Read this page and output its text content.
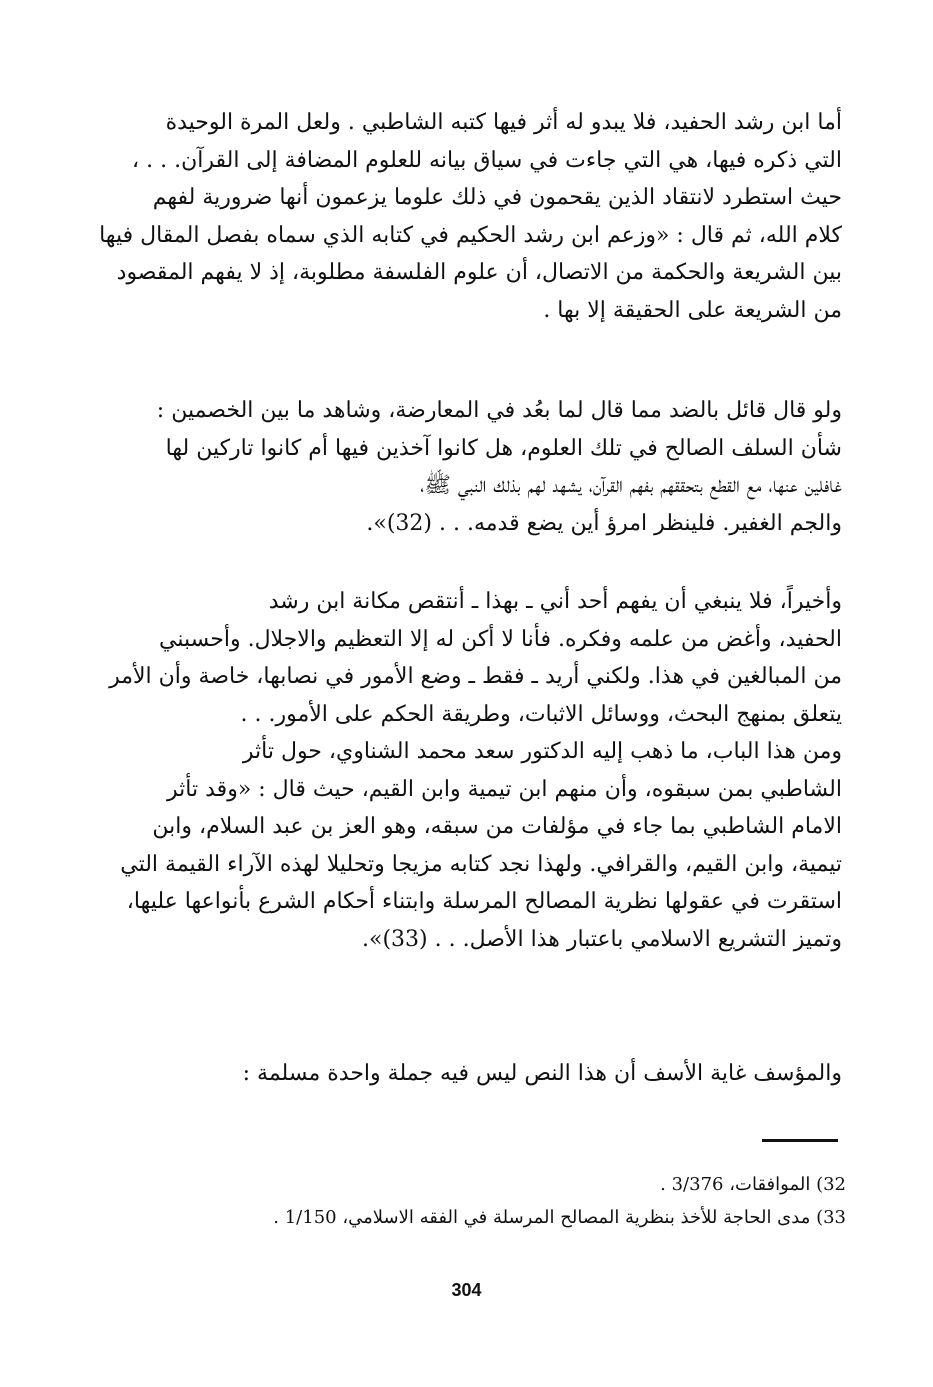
أما ابن رشد الحفيد، فلا يبدو له أثر فيها كتبه الشاطبي . ولعل المرة الوحيدة
التي ذكره فيها، هي التي جاءت في سياق بيانه للعلوم المضافة إلى القرآن. . . ،
حيث استطرد لانتقاد الذين يقحمون في ذلك علوما يزعمون أنها ضرورية لفهم
كلام الله، ثم قال : «وزعم ابن رشد الحكيم في كتابه الذي سماه بفصل المقال فيها
بين الشريعة والحكمة من الاتصال، أن علوم الفلسفة مطلوبة، إذ لا يفهم المقصود
من الشريعة على الحقيقة إلا بها .
ولو قال قائل بالضد مما قال لما بعُد في المعارضة، وشاهد ما بين الخصمين :
شأن السلف الصالح في تلك العلوم، هل كانوا آخذين فيها أم كانوا تاركين لها
غافلين عنها، مع القطع بتحققهم بفهم القرآن، يشهد لهم بذلك النبي ﷺ،
والجم الغفير. فلينظر امرؤ أين يضع قدمه. . . (32)».
وأخيراً، فلا ينبغي أن يفهم أحد أني ـ بهذا ـ أنتقص مكانة ابن رشد
الحفيد، وأغض من علمه وفكره. فأنا لا أكن له إلا التعظيم والاجلال. وأحسبني
من المبالغين في هذا. ولكني أريد ـ فقط ـ وضع الأمور في نصابها، خاصة وأن الأمر
يتعلق بمنهج البحث، ووسائل الاثبات، وطريقة الحكم على الأمور. . .
ومن هذا الباب، ما ذهب إليه الدكتور سعد محمد الشناوي، حول تأثر
الشاطبي بمن سبقوه، وأن منهم ابن تيمية وابن القيم، حيث قال : «وقد تأثر
الامام الشاطبي بما جاء في مؤلفات من سبقه، وهو العز بن عبد السلام، وابن
تيمية، وابن القيم، والقرافي. ولهذا نجد كتابه مزيجا وتحليلا لهذه الآراء القيمة التي
استقرت في عقولها نظرية المصالح المرسلة وابتناء أحكام الشرع بأنواعها عليها،
وتميز التشريع الاسلامي باعتبار هذا الأصل. . . (33)».
والمؤسف غاية الأسف أن هذا النص ليس فيه جملة واحدة مسلمة :
32) الموافقات، 3/376 .
33) مدى الحاجة للأخذ بنظرية المصالح المرسلة في الفقه الاسلامي، 1/150 .
304
